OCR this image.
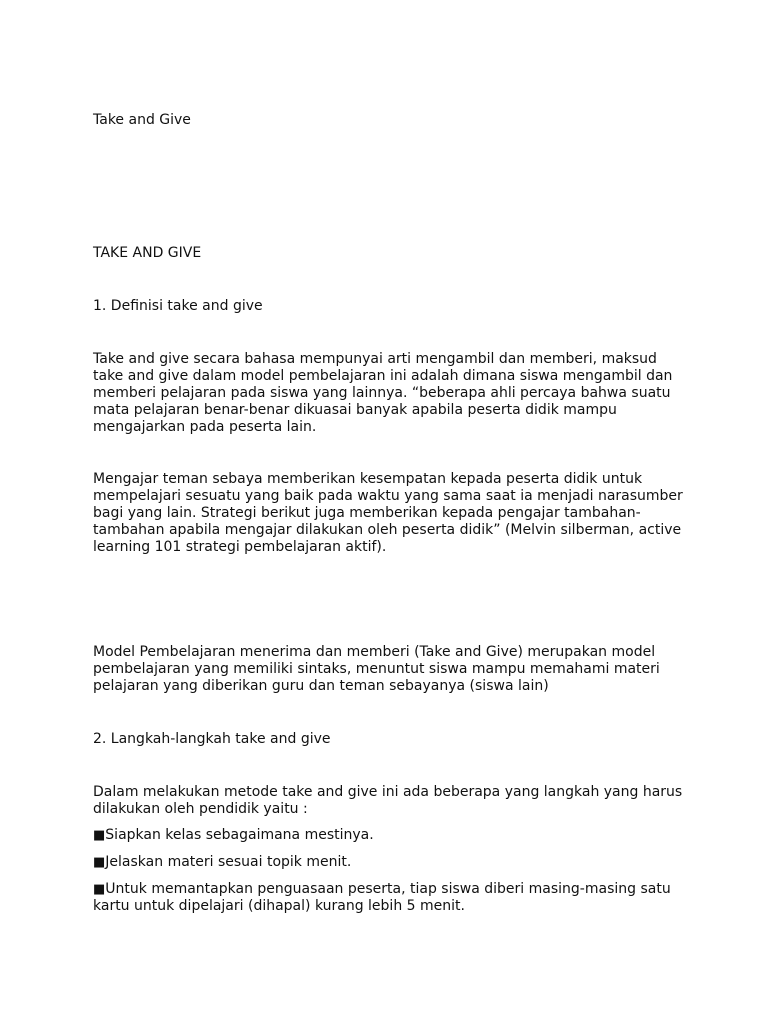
Take and Give

TAKE AND GIVE

1. Definisi take and give

Take and give secara bahasa mempunyai arti mengambil dan memberi, maksud take and give dalam model pembelajaran ini adalah dimana siswa mengambil dan memberi pelajaran pada siswa yang lainnya. “beberapa ahli percaya bahwa suatu mata pelajaran benar-benar dikuasai banyak apabila peserta didik mampu mengajarkan pada peserta lain.

Mengajar teman sebaya memberikan kesempatan kepada peserta didik untuk mempelajari sesuatu yang baik pada waktu yang sama saat ia menjadi narasumber bagi yang lain. Strategi berikut juga memberikan kepada pengajar tambahan-tambahan apabila mengajar dilakukan oleh peserta didik” (Melvin silberman, active learning 101 strategi pembelajaran aktif).

Model Pembelajaran menerima dan memberi (Take and Give) merupakan model pembelajaran yang memiliki sintaks, menuntut siswa mampu memahami materi pelajaran yang diberikan guru dan teman sebayanya (siswa lain)

2. Langkah-langkah take and give

Dalam melakukan metode take and give ini ada beberapa yang langkah yang harus dilakukan oleh pendidik yaitu :

■Siapkan kelas sebagaimana mestinya.

■Jelaskan materi sesuai topik menit.

■Untuk memantapkan penguasaan peserta, tiap siswa diberi masing-masing satu kartu untuk dipelajari (dihapal) kurang lebih 5 menit.
